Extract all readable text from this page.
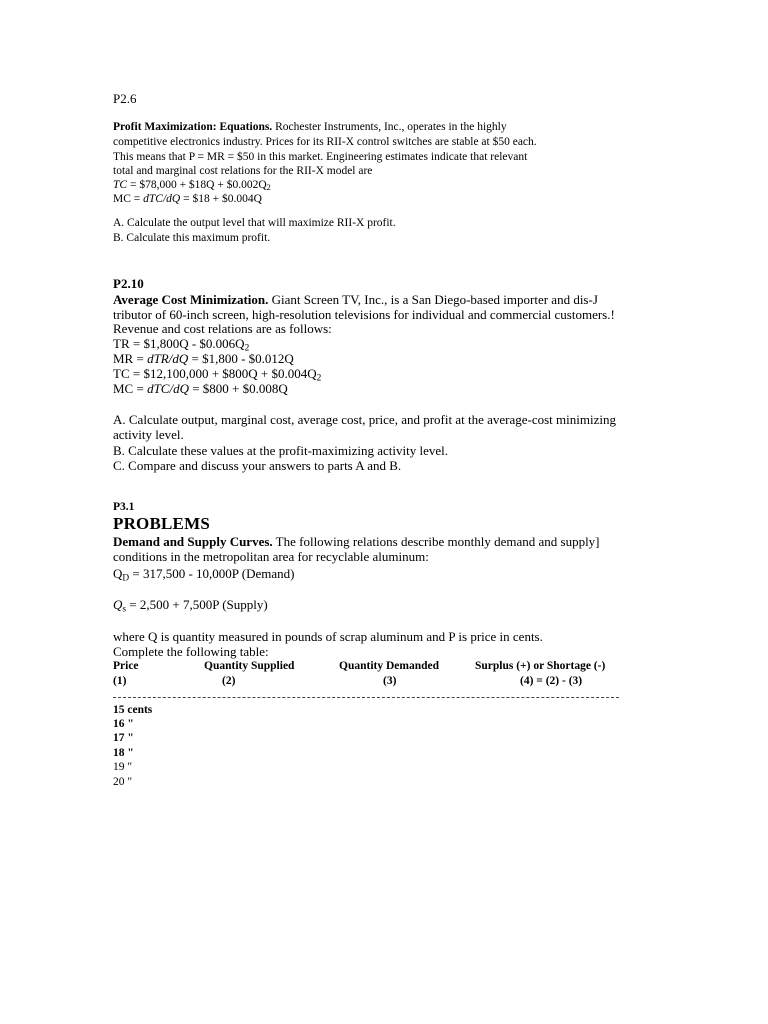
P2.6
Profit Maximization: Equations. Rochester Instruments, Inc., operates in the highly
competitive electronics industry. Prices for its RII-X control switches are stable at $50 each.
This means that P = MR = $50 in this market. Engineering estimates indicate that relevant
total and marginal cost relations for the RII-X model are
TC = $78,000 + $18Q + $\$0.002Q_2$
MC = dTC/dQ = $18 + $0.004Q
A. Calculate the output level that will maximize RII-X profit.
B. Calculate this maximum profit.
P2.10
Average Cost Minimization. Giant Screen TV, Inc., is a San Diego-based importer and dis-J
tributor of 60-inch screen, high-resolution televisions for individual and commercial customers.!
Revenue and cost relations are as follows:
TR = $1,800Q - $\$0.006Q_2$
MR = dTR/dQ = $1,800 - $0.012Q
TC = $12,100,000 + $800Q + $\$0.004Q_2$
MC = dTC/dQ = $800 + $0.008Q
A. Calculate output, marginal cost, average cost, price, and profit at the average-cost minimizing
activity level.
B. Calculate these values at the profit-maximizing activity level.
C. Compare and discuss your answers to parts A and B.
P3.1
PROBLEMS
Demand and Supply Curves. The following relations describe monthly demand and supply]
conditions in the metropolitan area for recyclable aluminum:
$Q_D = 317,500 - 10,000P$ (Demand)
$Q_s = 2,500 + 7,500P$ (Supply)
where Q is quantity measured in pounds of scrap aluminum and P is price in cents.
Complete the following table:
Price	Quantity Supplied	Quantity Demanded	Surplus (+) or Shortage (-)
(1)	(2)	(3)	(4) = (2) - (3)
15 cents
16 "
17 "
18 "
19 "
20 "
